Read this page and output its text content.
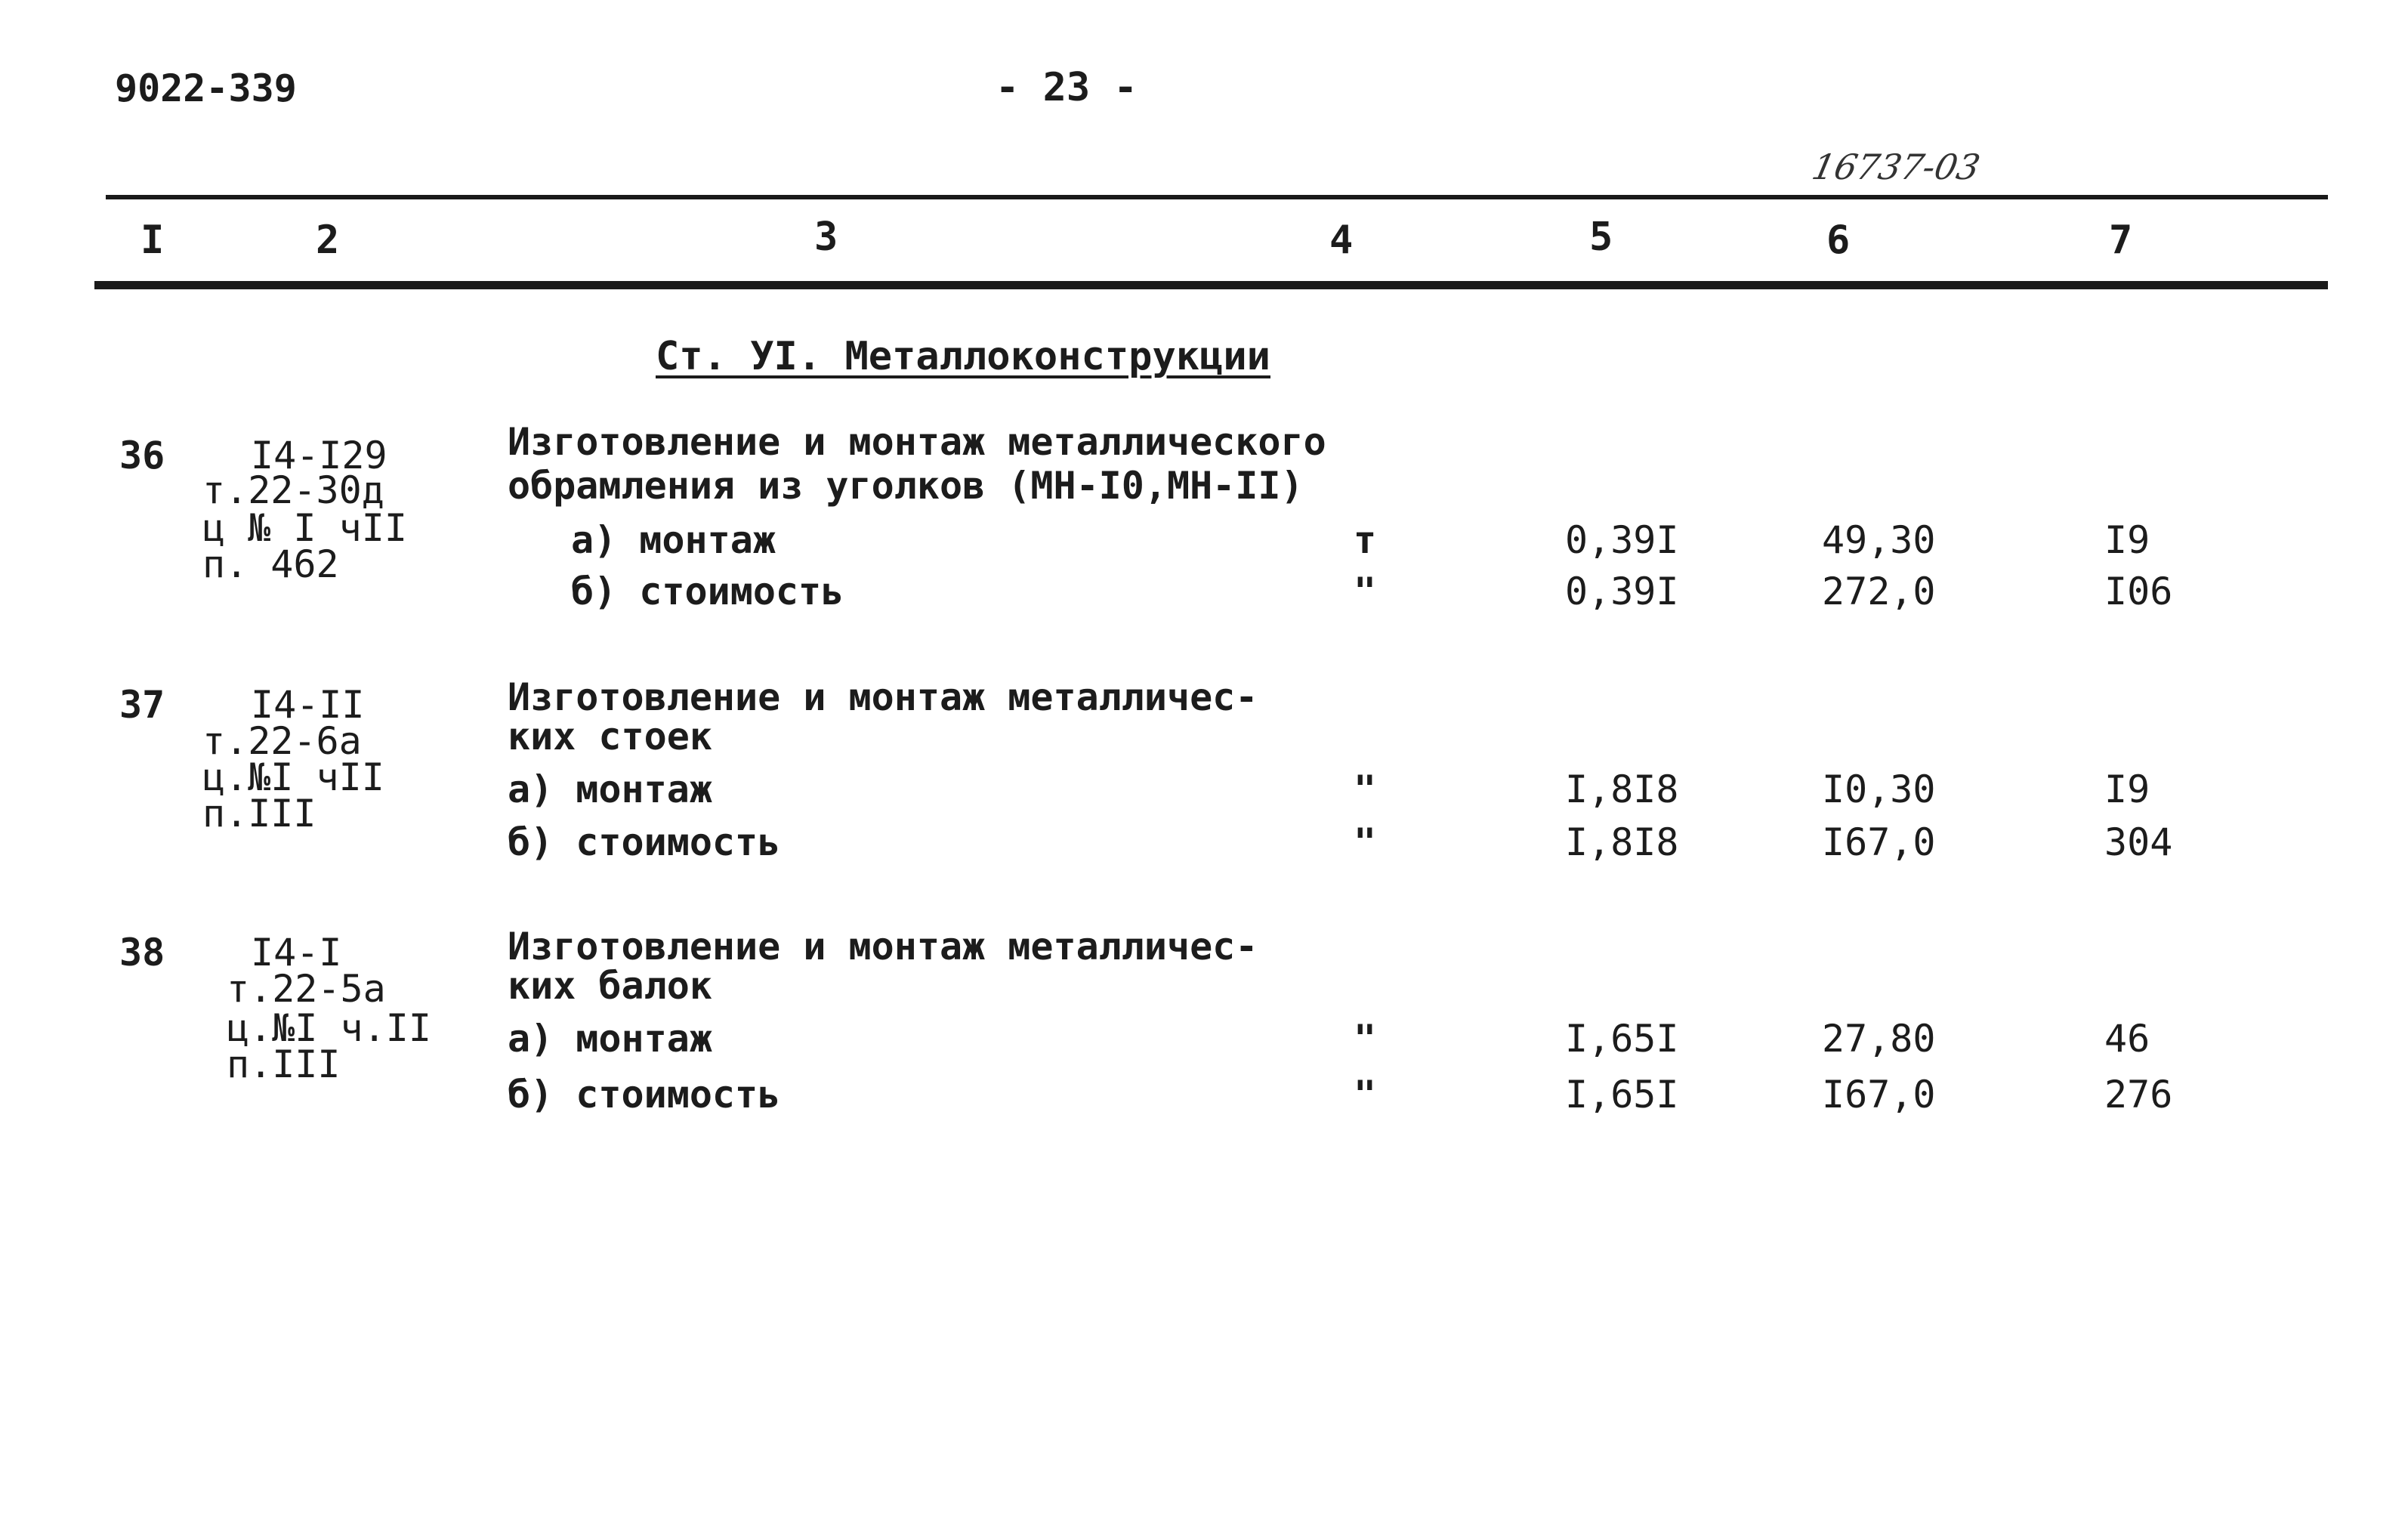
9022-339	- 23 -
16737-03
I	2	3	4	5	6	7
Ст. УI. Металлоконструкции
36 I4-I29
т.22-30д
ц № I чII
п. 462
Изготовление и монтаж металлического
обрамления из уголков (МН-I0,МН-II)
а) монтаж	т	0,39I	49,30	I9
б) стоимость	"	0,39I	272,0	I06
37 I4-II
т.22-6а
ц.№I чII
п.III
Изготовление и монтаж металличес-
ких стоек
а) монтаж	"	I,8I8	I0,30	I9
б) стоимость	"	I,8I8	I67,0	304
38 I4-I
т.22-5а
ц.№I ч.II
п.III
Изготовление и монтаж металличес-
ких балок
а) монтаж	"	I,65I	27,80	46
б) стоимость	"	I,65I	I67,0	276
